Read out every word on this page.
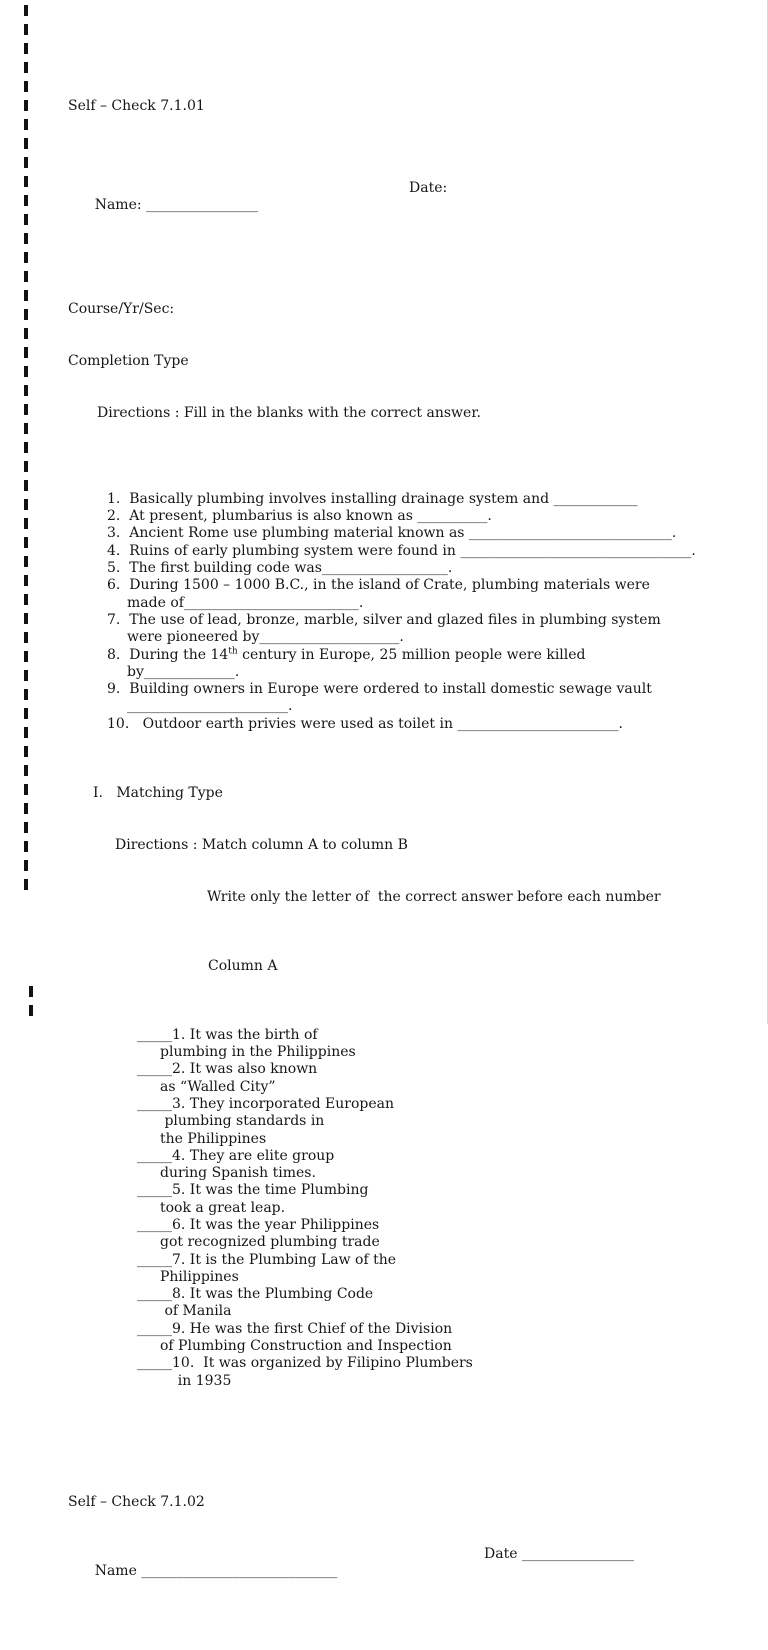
Self – Check 7.1.01

Name: ________________

Date:

Course/Yr/Sec:

Completion Type

Directions : Fill in the blanks with the correct answer.

1.  Basically plumbing involves installing drainage system and ____________
2.  At present, plumbarius is also known as __________.
3.  Ancient Rome use plumbing material known as _____________________________.
4.  Ruins of early plumbing system were found in _________________________________.
5.  The first building code was__________________.
6.  During 1500 – 1000 B.C., in the island of Crate, plumbing materials were
made of_________________________.
7.  The use of lead, bronze, marble, silver and glazed files in plumbing system
were pioneered by____________________.
8.  During the 14th century in Europe, 25 million people were killed
by_____________.
9.  Building owners in Europe were ordered to install domestic sewage vault
_______________________.
10.   Outdoor earth privies were used as toilet in _______________________.

I.   Matching Type

Directions : Match column A to column B

Write only the letter of  the correct answer before each number

Column A

_____1. It was the birth of
plumbing in the Philippines
_____2. It was also known
as “Walled City”
_____3. They incorporated European
plumbing standards in
the Philippines
_____4. They are elite group
during Spanish times.
_____5. It was the time Plumbing
took a great leap.
_____6. It was the year Philippines
got recognized plumbing trade
_____7. It is the Plumbing Law of the
Philippines
_____8. It was the Plumbing Code
of Manila
_____9. He was the first Chief of the Division
of Plumbing Construction and Inspection
_____10.  It was organized by Filipino Plumbers
in 1935

Self – Check 7.1.02

Name ____________________________

Date ________________
